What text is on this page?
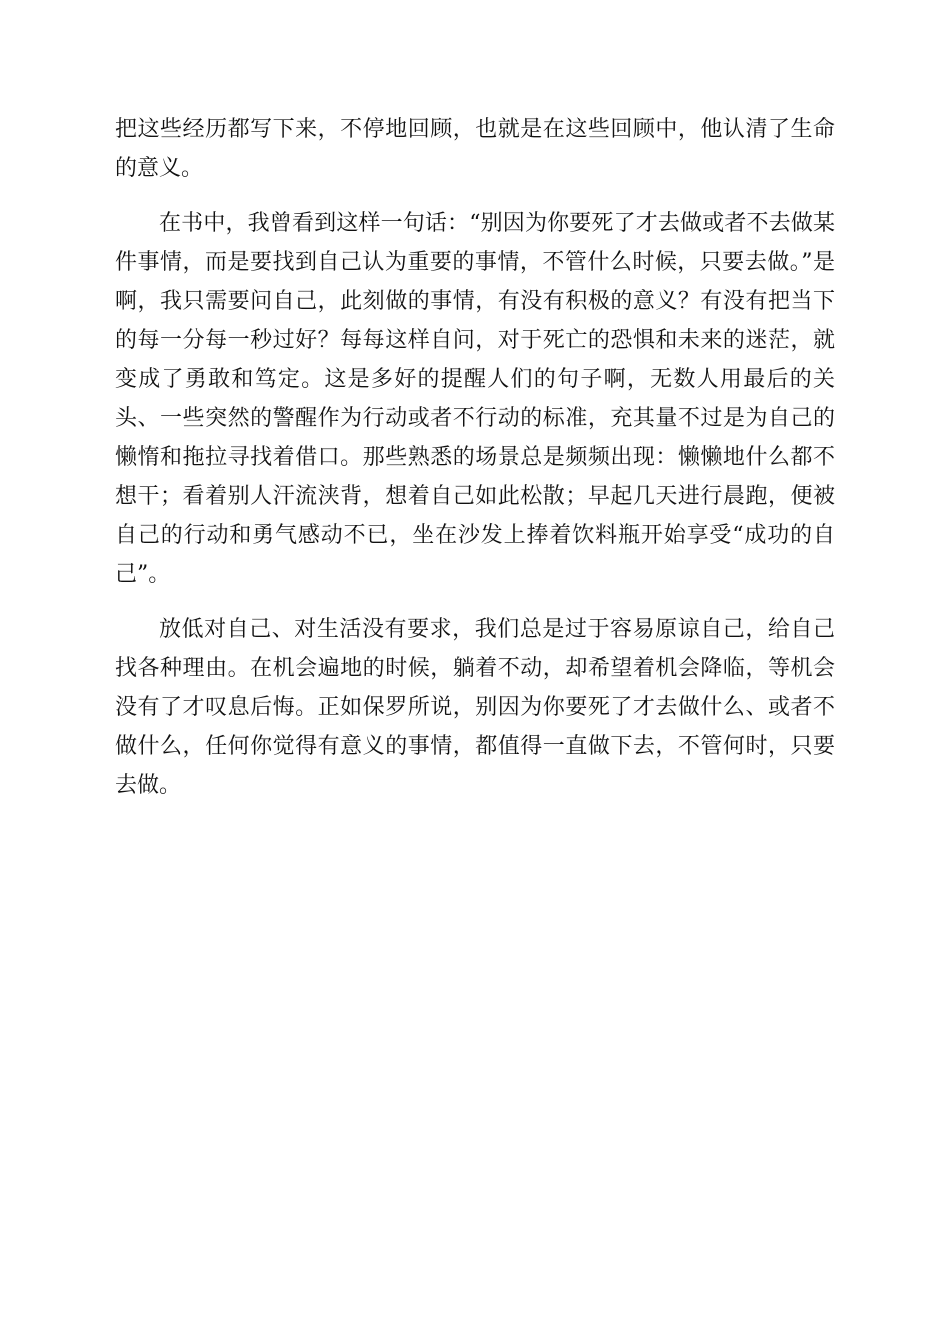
把这些经历都写下来，不停地回顾，也就是在这些回顾中，他认清了生命的意义。

在书中，我曾看到这样一句话：“别因为你要死了才去做或者不去做某件事情，而是要找到自己认为重要的事情，不管什么时候，只要去做。”是啊，我只需要问自己，此刻做的事情，有没有积极的意义？有没有把当下的每一分每一秒过好？每每这样自问，对于死亡的恐惧和未来的迷茫，就变成了勇敢和笃定。这是多好的提醒人们的句子啊，无数人用最后的关头、一些突然的警醒作为行动或者不行动的标准，充其量不过是为自己的懒惰和拖拉寻找着借口。那些熟悉的场景总是频频出现：懒懒地什么都不想干；看着别人汗流浃背，想着自己如此松散；早起几天进行晨跑，便被自己的行动和勇气感动不已，坐在沙发上捧着饮料瓶开始享受“成功的自己”。

放低对自己、对生活没有要求，我们总是过于容易原谅自己，给自己找各种理由。在机会遍地的时候，躺着不动，却希望着机会降临，等机会没有了才叹息后悔。正如保罗所说，别因为你要死了才去做什么、或者不做什么，任何你觉得有意义的事情，都值得一直做下去，不管何时，只要去做。
